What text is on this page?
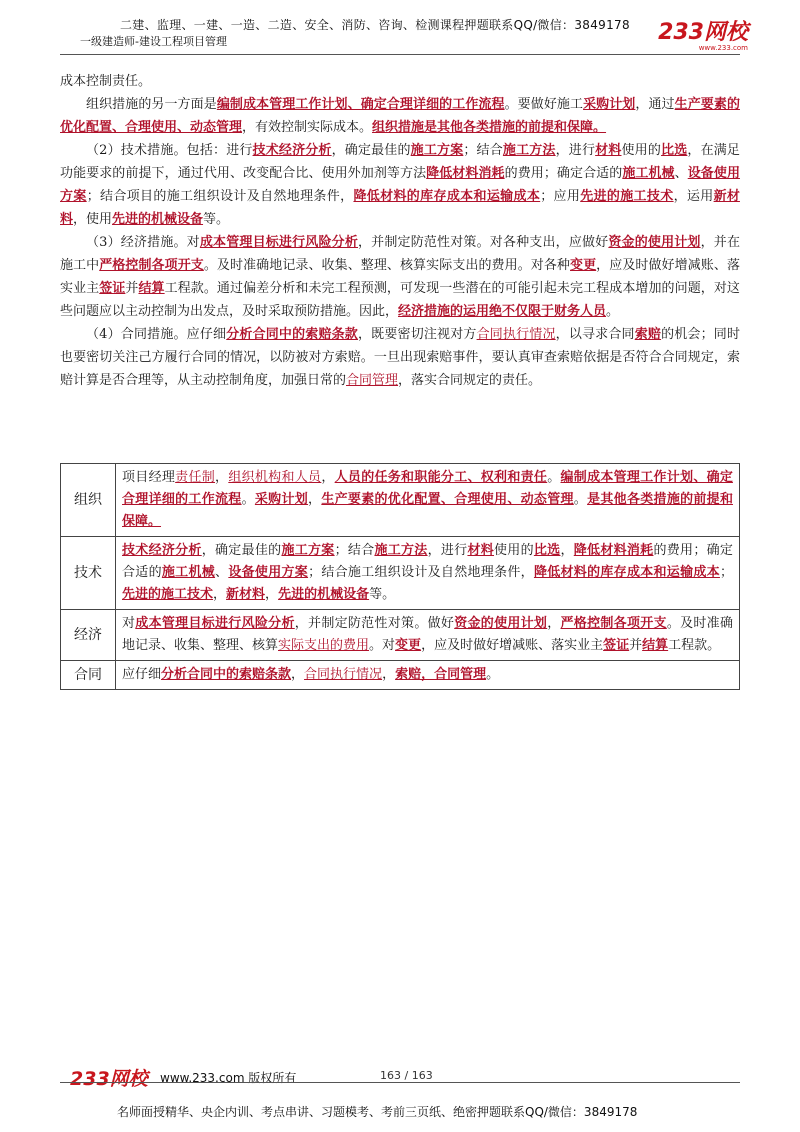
二建、监理、一建、一造、二造、安全、消防、咨询、检测课程押题联系QQ/微信：3849178
一级建造师-建设工程项目管理	233网校
www.233.com

成本控制责任。

组织措施的另一方面是编制成本管理工作计划、确定合理详细的工作流程。要做好施工采购计划，通过生产要素的优化配置、合理使用、动态管理，有效控制实际成本。组织措施是其他各类措施的前提和保障。

（2）技术措施。包括：进行技术经济分析，确定最佳的施工方案；结合施工方法，进行材料使用的比选，在满足功能要求的前提下，通过代用、改变配合比、使用外加剂等方法降低材料消耗的费用；确定合适的施工机械、设备使用方案；结合项目的施工组织设计及自然地理条件，降低材料的库存成本和运输成本；应用先进的施工技术，运用新材料，使用先进的机械设备等。

（3）经济措施。对成本管理目标进行风险分析，并制定防范性对策。对各种支出，应做好资金的使用计划，并在施工中严格控制各项开支。及时准确地记录、收集、整理、核算实际支出的费用。对各种变更，应及时做好增减账、落实业主签证并结算工程款。通过偏差分析和未完工程预测，可发现一些潜在的可能引起未完工程成本增加的问题，对这些问题应以主动控制为出发点，及时采取预防措施。因此，经济措施的运用绝不仅限于财务人员。

（4）合同措施。应仔细分析合同中的索赔条款，既要密切注视对方合同执行情况，以寻求合同索赔的机会；同时也要密切关注己方履行合同的情况，以防被对方索赔。一旦出现索赔事件，要认真审查索赔依据是否符合合同规定，索赔计算是否合理等，从主动控制角度，加强日常的合同管理，落实合同规定的责任。

组织	项目经理责任制，组织机构和人员，人员的任务和职能分工、权利和责任。编制成本管理工作计划、确定合理详细的工作流程。采购计划，生产要素的优化配置、合理使用、动态管理。是其他各类措施的前提和保障。
技术	技术经济分析，确定最佳的施工方案；结合施工方法，进行材料使用的比选，降低材料消耗的费用；确定合适的施工机械、设备使用方案；结合施工组织设计及自然地理条件，降低材料的库存成本和运输成本；先进的施工技术，新材料，先进的机械设备等。
经济	对成本管理目标进行风险分析，并制定防范性对策。做好资金的使用计划，严格控制各项开支。及时准确地记录、收集、整理、核算实际支出的费用。对变更，应及时做好增减账、落实业主签证并结算工程款。
合同	应仔细分析合同中的索赔条款，合同执行情况，索赔，合同管理。
233网校 www.233.com 版权所有	163 / 163
名师面授精华、央企内训、考点串讲、习题模考、考前三页纸、绝密押题联系QQ/微信：3849178
